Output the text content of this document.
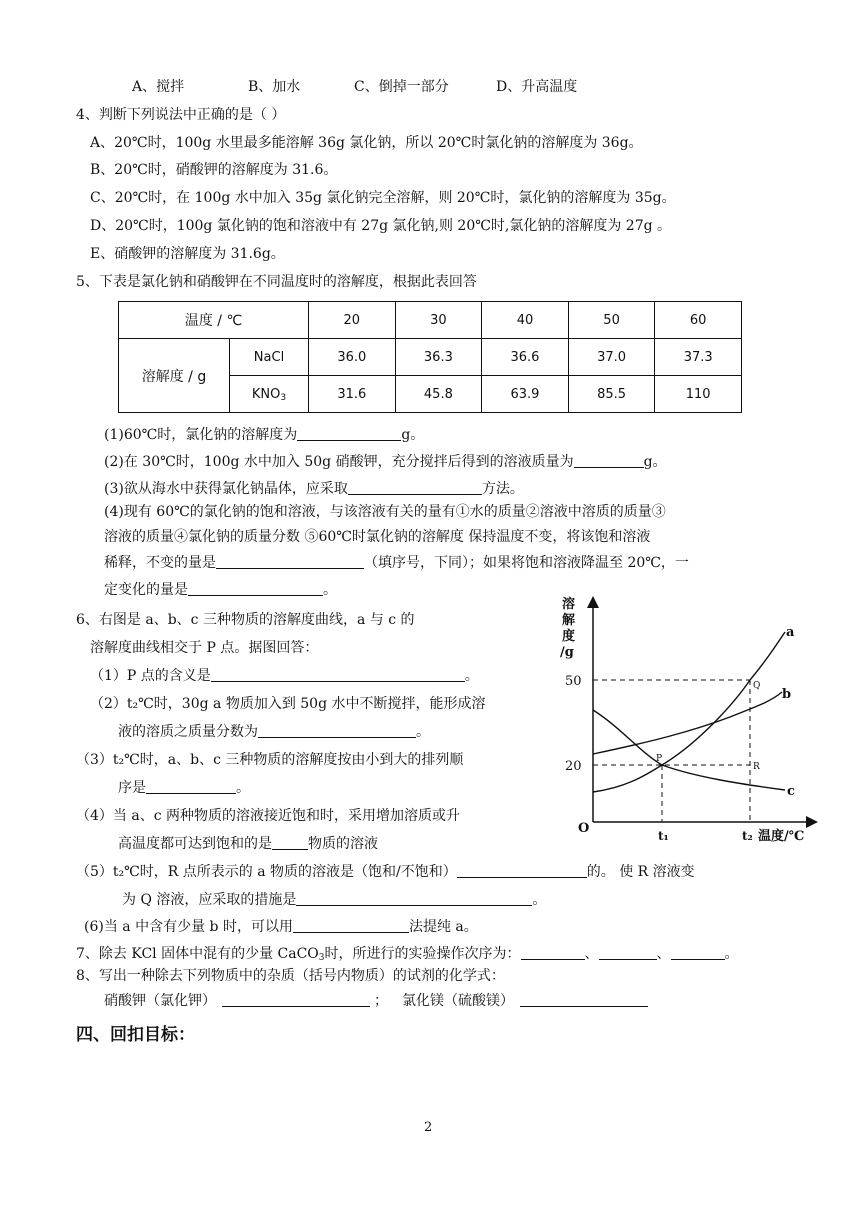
A、搅拌	B、加水	C、倒掉一部分	D、升高温度
4、判断下列说法中正确的是（ ）
A、20℃时，100g 水里最多能溶解 36g 氯化钠，所以 20℃时氯化钠的溶解度为 36g。
B、20℃时，硝酸钾的溶解度为 31.6。
C、20℃时，在 100g 水中加入 35g 氯化钠完全溶解，则 20℃时，氯化钠的溶解度为 35g。
D、20℃时，100g 氯化钠的饱和溶液中有 27g 氯化钠,则 20℃时,氯化钠的溶解度为 27g 。
E、硝酸钾的溶解度为 31.6g。
5、下表是氯化钠和硝酸钾在不同温度时的溶解度，根据此表回答
温度 / ℃		20	30	40	50	60
溶解度 / g	NaCl	36.0	36.3	36.6	37.0	37.3
	$KNO_3$	31.6	45.8	63.9	85.5	110
(1)60℃时，氯化钠的溶解度为	g。
(2)在 30℃时，100g 水中加入 50g 硝酸钾，充分搅拌后得到的溶液质量为	g。
(3)欲从海水中获得氯化钠晶体，应采取	方法。
(4)现有 60℃的氯化钠的饱和溶液，与该溶液有关的量有①水的质量②溶液中溶质的质量③
溶液的质量④氯化钠的质量分数 ⑤60℃时氯化钠的溶解度 保持温度不变，将该饱和溶液
稀释，不变的量是	（填序号，下同）；如果将饱和溶液降温至 20℃，一
定变化的量是	。
6、右图是 a、b、c 三种物质的溶解度曲线，a 与 c 的
溶解度曲线相交于 P 点。据图回答：
（1）P 点的含义是	。
（2）t₂℃时，30g a 物质加入到 50g 水中不断搅拌，能形成溶
液的溶质之质量分数为	。
（3）t₂℃时，a、b、c 三种物质的溶解度按由小到大的排列顺
序是	。
（4）当 a、c 两种物质的溶液接近饱和时，采用增加溶质或升
高温度都可达到饱和的是	物质的溶液
（5）t₂℃时，R 点所表示的 a 物质的溶液是（饱和/不饱和）	的。 使 R 溶液变
为 Q 溶液，应采取的措施是	。
(6)当 a 中含有少量 b 时，可以用	法提纯 a。
溶
解
度
/g
O
50
20
t₁	t₂ 温度/℃
a
b
c
P
Q
R
7、除去 KCl 固体中混有的少量 CaCO$_3$时，所进行的实验操作次序为：	、	、	。
8、写出一种除去下列物质中的杂质（括号内物质）的试剂的化学式：
硝酸钾（氯化钾）	； 氯化镁（硫酸镁）
四、回扣目标：
2
